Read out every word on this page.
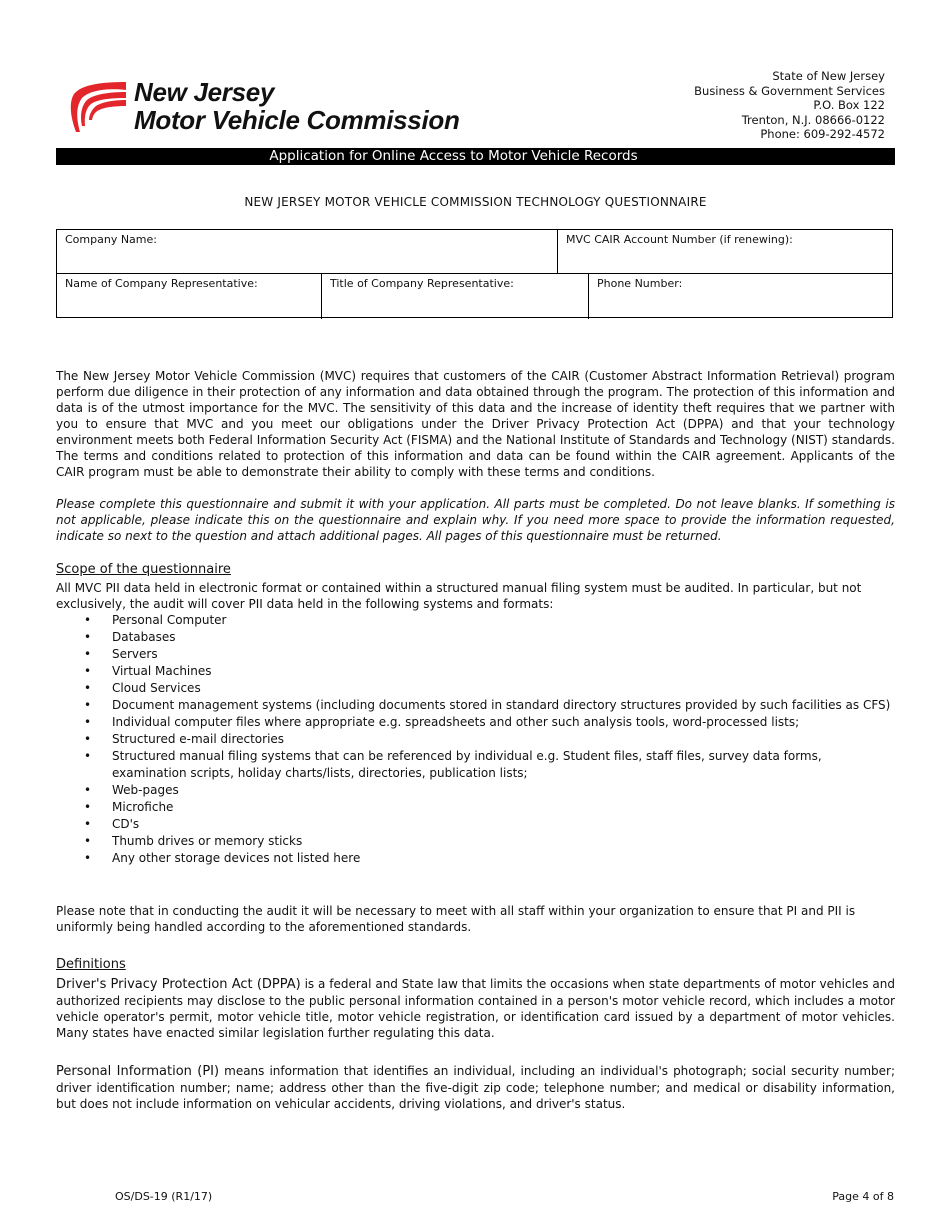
New Jersey
Motor Vehicle Commission
State of New Jersey
Business & Government Services
P.O. Box 122
Trenton, N.J. 08666-0122
Phone: 609-292-4572
Application for Online Access to Motor Vehicle Records
NEW JERSEY MOTOR VEHICLE COMMISSION TECHNOLOGY QUESTIONNAIRE
Company Name:	MVC CAIR Account Number (if renewing):
Name of Company Representative:	Title of Company Representative:	Phone Number:
The New Jersey Motor Vehicle Commission (MVC) requires that customers of the CAIR (Customer Abstract Information Retrieval) program perform due diligence in their protection of any information and data obtained through the program. The protection of this information and data is of the utmost importance for the MVC. The sensitivity of this data and the increase of identity theft requires that we partner with you to ensure that MVC and you meet our obligations under the Driver Privacy Protection Act (DPPA) and that your technology environment meets both Federal Information Security Act (FISMA) and the National Institute of Standards and Technology (NIST) standards. The terms and conditions related to protection of this information and data can be found within the CAIR agreement. Applicants of the CAIR program must be able to demonstrate their ability to comply with these terms and conditions.
Please complete this questionnaire and submit it with your application. All parts must be completed. Do not leave blanks. If something is not applicable, please indicate this on the questionnaire and explain why. If you need more space to provide the information requested, indicate so next to the question and attach additional pages. All pages of this questionnaire must be returned.
Scope of the questionnaire
All MVC PII data held in electronic format or contained within a structured manual filing system must be audited. In particular, but not exclusively, the audit will cover PII data held in the following systems and formats:
• Personal Computer
• Databases
• Servers
• Virtual Machines
• Cloud Services
• Document management systems (including documents stored in standard directory structures provided by such facilities as CFS)
• Individual computer files where appropriate e.g. spreadsheets and other such analysis tools, word-processed lists;
• Structured e-mail directories
• Structured manual filing systems that can be referenced by individual e.g. Student files, staff files, survey data forms, examination scripts, holiday charts/lists, directories, publication lists;
• Web-pages
• Microfiche
• CD's
• Thumb drives or memory sticks
• Any other storage devices not listed here
Please note that in conducting the audit it will be necessary to meet with all staff within your organization to ensure that PI and PII is uniformly being handled according to the aforementioned standards.
Definitions
Driver's Privacy Protection Act (DPPA) is a federal and State law that limits the occasions when state departments of motor vehicles and authorized recipients may disclose to the public personal information contained in a person's motor vehicle record, which includes a motor vehicle operator's permit, motor vehicle title, motor vehicle registration, or identification card issued by a department of motor vehicles. Many states have enacted similar legislation further regulating this data.
Personal Information (PI) means information that identifies an individual, including an individual's photograph; social security number; driver identification number; name; address other than the five-digit zip code; telephone number; and medical or disability information, but does not include information on vehicular accidents, driving violations, and driver's status.
OS/DS-19 (R1/17)	Page 4 of 8
